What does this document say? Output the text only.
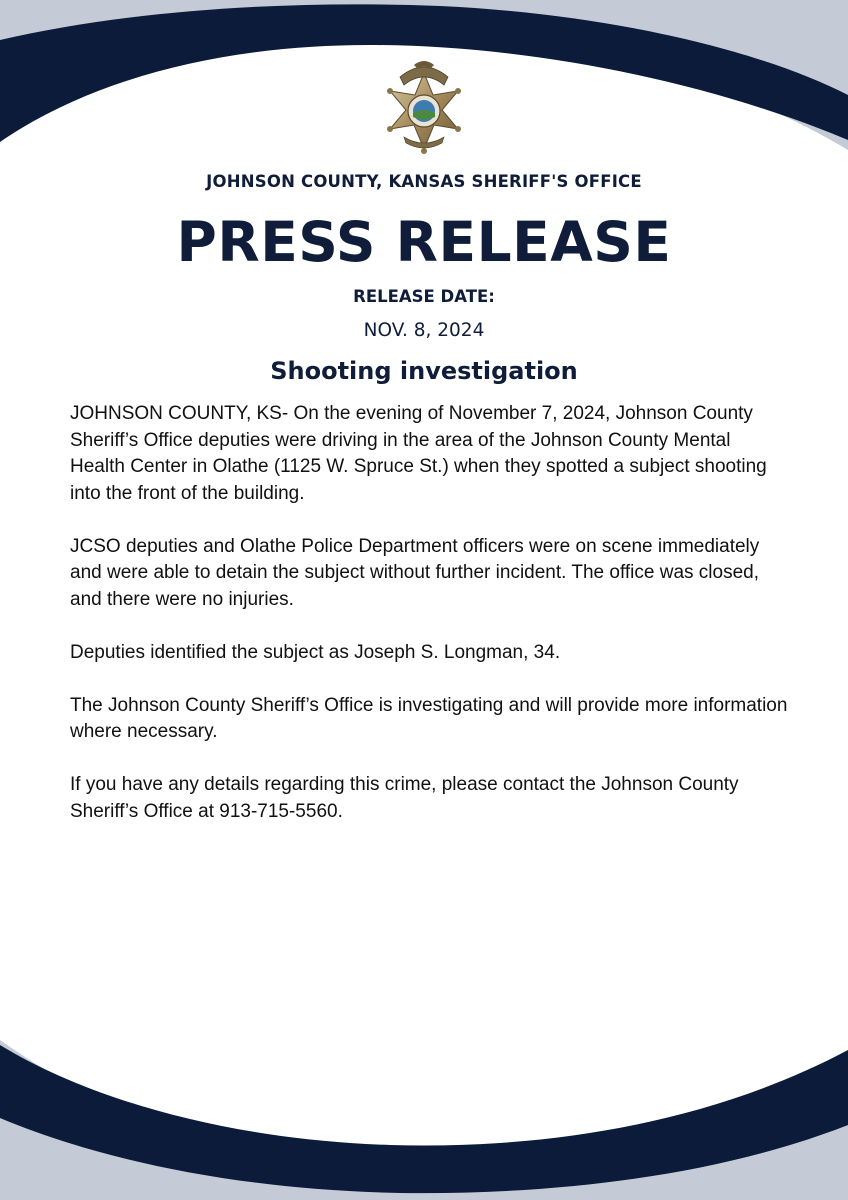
JOHNSON COUNTY, KANSAS SHERIFF'S OFFICE
PRESS RELEASE
RELEASE DATE:
NOV. 8, 2024
Shooting investigation

JOHNSON COUNTY, KS- On the evening of November 7, 2024, Johnson County Sheriff’s Office deputies were driving in the area of the Johnson County Mental Health Center in Olathe (1125 W. Spruce St.) when they spotted a subject shooting into the front of the building.

JCSO deputies and Olathe Police Department officers were on scene immediately and were able to detain the subject without further incident. The office was closed, and there were no injuries.

Deputies identified the subject as Joseph S. Longman, 34.

The Johnson County Sheriff’s Office is investigating and will provide more information where necessary.

If you have any details regarding this crime, please contact the Johnson County Sheriff’s Office at 913-715-5560.
